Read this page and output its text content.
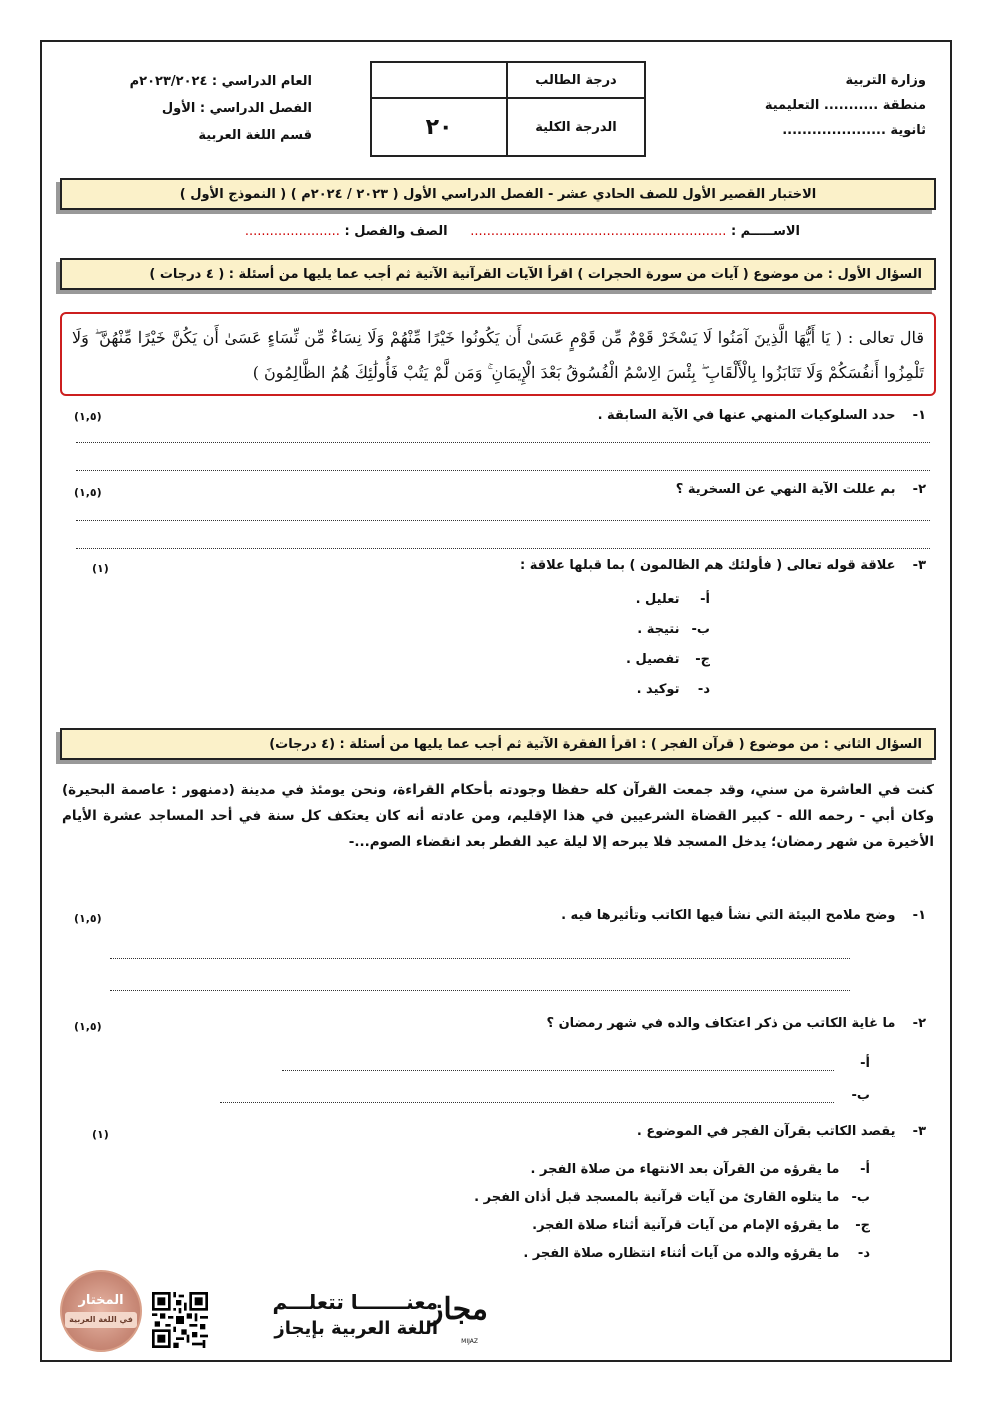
وزارة التربية
منطقة ........... التعليمية
ثانوية .....................
درجة الطالب	
الدرجة الكلية	٢٠
العام الدراسي : ٢٠٢٣/٢٠٢٤م
الفصل الدراسي : الأول
قسم اللغة العربية
الاختبار القصير الأول للصف الحادي عشر - الفصل الدراسي الأول ( ٢٠٢٣ / ٢٠٢٤م ) ( النموذج الأول )
الاســـــم : ..............................................................     الصف والفصل : .......................
السؤال الأول : من موضوع ( آيات من سورة الحجرات ) اقرأ الآيات القرآنية الآتية ثم أجب عما يليها من أسئلة : ( ٤ درجات )
قال تعالى : ( يَا أَيُّهَا الَّذِينَ آمَنُوا لَا يَسْخَرْ قَوْمٌ مِّن قَوْمٍ عَسَىٰ أَن يَكُونُوا خَيْرًا مِّنْهُمْ وَلَا نِسَاءٌ مِّن نِّسَاءٍ عَسَىٰ أَن يَكُنَّ خَيْرًا مِّنْهُنَّ ۖ وَلَا تَلْمِزُوا أَنفُسَكُمْ وَلَا تَنَابَزُوا بِالْأَلْقَابِ ۖ بِئْسَ الِاسْمُ الْفُسُوقُ بَعْدَ الْإِيمَانِ ۚ وَمَن لَّمْ يَتُبْ فَأُولَٰئِكَ هُمُ الظَّالِمُونَ )
١- حدد السلوكيات المنهي عنها في الآية السابقة .
(١,٥)
٢- بم عللت الآية النهي عن السخرية ؟
(١,٥)
٣- علاقة قوله تعالى ( فأولئك هم الظالمون ) بما قبلها علاقة :
(١)
أ- تعليل .
ب- نتيجة .
ج- تفصيل .
د- توكيد .
السؤال الثاني : من موضوع ( قرآن الفجر ) : اقرأ الفقرة الآتية ثم أجب عما يليها من أسئلة : (٤ درجات)
كنت في العاشرة من سني، وقد جمعت القرآن كله حفظا وجودته بأحكام القراءة، ونحن يومئذ في مدينة (دمنهور : عاصمة البحيرة) وكان أبي - رحمه الله - كبير القضاة الشرعيين في هذا الإقليم، ومن عادته أنه كان يعتكف كل سنة في أحد المساجد عشرة الأيام الأخيرة من شهر رمضان؛ يدخل المسجد فلا يبرحه إلا ليلة عيد الفطر بعد انقضاء الصوم...-
١- وضح ملامح البيئة التي نشأ فيها الكاتب وتأثيرها فيه .
(١,٥)
٢- ما غاية الكاتب من ذكر اعتكاف والده في شهر رمضان ؟
(١,٥)
أ-
ب-
٣- يقصد الكاتب بقرآن الفجر في الموضوع .
(١)
أ- ما يقرؤه من القرآن بعد الانتهاء من صلاة الفجر .
ب- ما يتلوه القارئ من آيات قرآنية بالمسجد قبل أذان الفجر .
ج- ما يقرؤه الإمام من آيات قرآنية أثناء صلاة الفجر.
د- ما يقرؤه والده من آيات أثناء انتظاره صلاة الفجر .
المختار
في اللغة العربية
معنـــــــا تتعلـــم
اللغة العربية بإيجاز
مجاز
MIJAZ
